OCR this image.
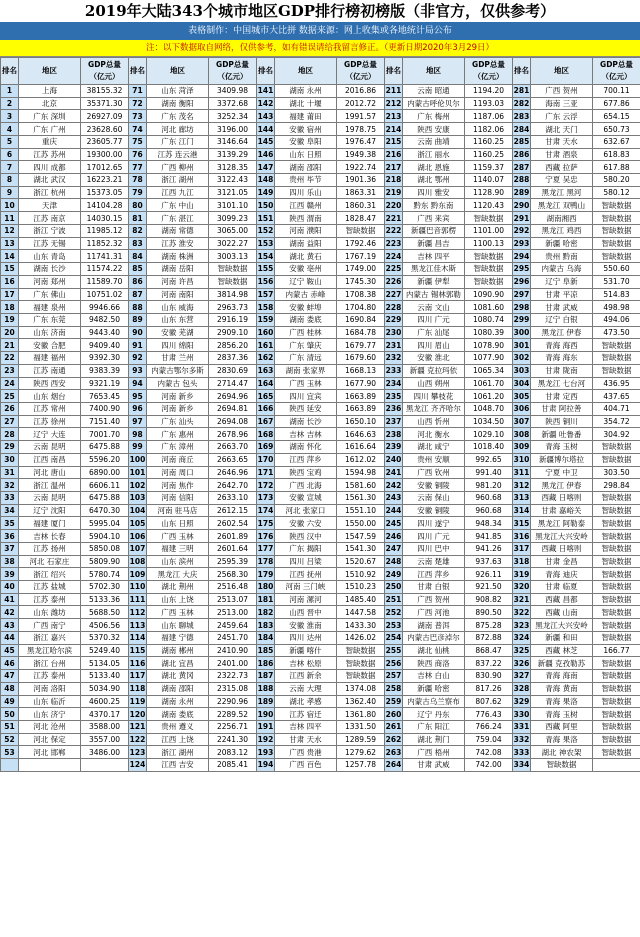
2019年大陆343个城市地区GDP排行榜初榜版（非官方，仅供参考）
表格制作：中国城市大比拼 数据来源：网上收集或各地统计局公布
注：以下数据取自网络，仅供参考，如有错误请给我留言修正。（更新日期2020年3月29日）
排名	地区	GDP总量（亿元）	排名	地区	GDP总量（亿元）	排名	地区	GDP总量（亿元）	排名	地区	GDP总量（亿元）	排名	地区	GDP总量（亿元）
1	上海	38155.32	71	山东 菏泽	3409.98	141	湖南 永州	2016.86	211	云南 昭通	1194.20	281	广西 贺州	700.11
2	北京	35371.30	72	湖南 衡阳	3372.68	142	湖北 十堰	2012.72	212	内蒙古呼伦贝尔	1193.03	282	海南 三亚	677.86
3	广东 深圳	26927.09	73	广东 茂名	3252.34	143	福建 莆田	1991.57	213	广东 梅州	1187.06	283	广东 云浮	654.15
4	广东 广州	23628.60	74	河北 廊坊	3196.00	144	安徽 宿州	1978.75	214	陕西 安康	1182.06	284	湖北 天门	650.73
5	重庆	23605.77	75	广东 江门	3146.64	145	安徽 阜阳	1976.47	215	云南 曲靖	1160.25	285	甘肃 天水	632.67
6	江苏 苏州	19300.00	76	江苏 连云港	3139.29	146	山东 日照	1949.38	216	浙江 丽水	1160.25	286	甘肃 酒泉	618.83
7	四川 成都	17012.65	77	广西 柳州	3128.35	147	湖南 邵阳	1922.74	217	湖北 恩施	1159.37	287	西藏 拉萨	617.88
8	湖北 武汉	16223.21	78	浙江 湖州	3122.43	148	贵州 毕节	1901.36	218	湖北 鄂州	1140.07	288	宁夏 吴忠	580.20
9	浙江 杭州	15373.05	79	江西 九江	3121.05	149	四川 乐山	1863.31	219	四川 雅安	1128.90	289	黑龙江 黑河	580.12
10	天津	14104.28	80	广东 中山	3101.10	150	江西 赣州	1860.31	220	黔东 黔东南	1120.43	290	黑龙江 双鸭山	智缺数据
11	江苏 南京	14030.15	81	广东 湛江	3099.23	151	陕西 渭南	1828.47	221	广西 来宾	智缺数据	291	湖南湘西	智缺数据
12	浙江 宁波	11985.12	82	湖南 常德	3065.00	152	河南 濮阳	智缺数据	222	新疆巴音郭楞	1101.00	292	黑龙江 鸡西	智缺数据
13	江苏 无锡	11852.32	83	江苏 淮安	3022.27	153	湖南 益阳	1792.46	223	新疆 昌吉	1100.13	293	新疆 哈密	智缺数据
14	山东 青岛	11741.31	84	湖南 株洲	3003.13	154	湖北 黄石	1767.19	224	吉林 四平	智缺数据	294	贵州 黔南	智缺数据
15	湖南 长沙	11574.22	85	湖南 岳阳	智缺数据	155	安徽 亳州	1749.00	225	黑龙江佳木斯	智缺数据	295	内蒙古 乌海	550.60
16	河南 郑州	11589.70	86	河南 许昌	智缺数据	156	辽宁 鞍山	1745.30	226	新疆 伊犁	智缺数据	296	辽宁 阜新	531.70
17	广东 佛山	10751.02	87	河南 南阳	3814.98	157	内蒙古 赤峰	1708.38	227	内蒙古 锡林郭勒	1090.90	297	甘肃 平凉	514.83
18	福建 泉州	9946.66	88	山东 威海	2963.73	158	安徽 蚌埠	1704.80	228	云南 文山	1081.60	298	甘肃 武威	498.98
19	广东 东莞	9482.50	89	山东 东营	2916.19	159	湖南 娄底	1690.84	229	四川 广元	1080.74	299	辽宁 白银	494.06
20	山东 济南	9443.40	90	安徽 芜湖	2909.10	160	广西 桂林	1684.78	230	广东 汕尾	1080.39	300	黑龙江 伊春	473.50
21	安徽 合肥	9409.40	91	四川 绵阳	2856.20	161	广东 肇庆	1679.77	231	四川 眉山	1078.90	301	青海 海西	智缺数据
22	福建 福州	9392.30	92	甘肃 兰州	2837.36	162	广东 清远	1679.60	232	安徽 淮北	1077.90	302	青海 海东	智缺数据
23	江苏 南通	9383.39	93	内蒙古鄂尔多斯	2830.69	163	湖南 张家界	1668.13	233	新疆 克拉玛依	1065.34	303	甘肃 陇南	智缺数据
24	陕西 西安	9321.19	94	内蒙古 包头	2714.47	164	广西 玉林	1677.90	234	山西 朔州	1061.70	304	黑龙江 七台河	436.95
25	山东 烟台	7653.45	95	河南 新乡	2694.96	165	四川 宜宾	1663.89	235	四川 攀枝花	1061.20	305	甘肃 定西	437.65
26	江苏 常州	7400.90	96	河南 新乡	2694.81	166	陕西 延安	1663.89	236	黑龙江 齐齐哈尔	1048.70	306	甘肃 阿拉善	404.71
27	江苏 徐州	7151.40	97	广东 汕头	2694.08	167	湖南 长沙	1650.10	237	山西 忻州	1034.50	307	陕西 铜川	354.72
28	辽宁 大连	7001.70	98	广东 惠州	2678.96	168	吉林 吉林	1646.63	238	河北 衡水	1029.10	308	新疆 吐鲁番	304.92
29	云南 昆明	6475.88	99	广东 漳州	2663.70	169	湖南 怀化	1616.64	239	湖北 咸宁	1018.40	309	青海 玉树	智缺数据
30	江西 南昌	5596.20	100	河南 商丘	2663.65	170	江西 萍乡	1612.02	240	贵州 安顺	992.65	310	新疆博尔塔拉	智缺数据
31	河北 唐山	6890.00	101	河南 周口	2646.96	171	陕西 宝鸡	1594.98	241	广西 钦州	991.40	311	宁夏 中卫	303.50
32	浙江 温州	6606.11	102	河南 焦作	2642.70	172	广西 北海	1581.60	242	安徽 铜陵	981.20	312	黑龙江 伊春	298.84
33	云南 昆明	6475.88	103	河南 信阳	2633.10	173	安徽 宣城	1561.30	243	云南 保山	960.68	313	西藏 日喀则	智缺数据
34	辽宁 沈阳	6470.30	104	河南 驻马店	2612.15	174	河北 张家口	1551.10	244	安徽 铜陵	960.68	314	甘肃 嘉峪关	智缺数据
35	福建 厦门	5995.04	105	山东 日照	2602.54	175	安徽 六安	1550.00	245	四川 遂宁	948.34	315	黑龙江 阿勒泰	智缺数据
36	吉林 长春	5904.10	106	广西 玉林	2601.89	176	陕西 汉中	1547.59	246	四川 广元	941.85	316	黑龙江大兴安岭	智缺数据
37	江苏 扬州	5850.08	107	福建 三明	2601.64	177	广东 揭阳	1541.30	247	四川 巴中	941.26	317	西藏 日喀则	智缺数据
38	河北 石家庄	5809.90	108	山东 滨州	2595.39	178	四川 吕梁	1520.67	248	云南 楚雄	937.63	318	甘肃 金昌	智缺数据
39	浙江 绍兴	5780.74	109	黑龙江 大庆	2568.30	179	江西 抚州	1510.92	249	江西 萍乡	926.11	319	青海 迪庆	智缺数据
40	江苏 盐城	5702.30	110	湖北 荆州	2516.48	180	河南 三门峡	1510.23	250	甘肃 白银	921.50	320	甘肃 临夏	智缺数据
41	江苏 泰州	5133.36	111	山东 上饶	2513.07	181	河南 漯河	1485.40	251	广西 贺州	908.82	321	西藏 昌都	智缺数据
42	山东 潍坊	5688.50	112	广西 玉林	2513.00	182	山西 晋中	1447.58	252	广西 河池	890.50	322	西藏 山南	智缺数据
43	广西 南宁	4506.56	113	山东 聊城	2459.64	183	安徽 淮南	1433.30	253	湖南 普洱	875.28	323	黑龙江大兴安岭	智缺数据
44	浙江 嘉兴	5370.32	114	福建 宁德	2451.70	184	四川 达州	1426.02	254	内蒙古巴彦淖尔	872.88	324	新疆 和田	智缺数据
45	黑龙江哈尔滨	5249.40	115	湖南 郴州	2410.90	185	新疆 喀什	智缺数据	255	湖北 仙桃	868.47	325	西藏 林芝	166.77
46	浙江 台州	5134.05	116	湖北 宜昌	2401.00	186	吉林 松原	智缺数据	256	陕西 商洛	837.22	326	新疆 克孜勒苏	智缺数据
47	江苏 泰州	5133.40	117	湖北 黄冈	2322.73	187	江西 新余	智缺数据	257	吉林 白山	830.90	327	青海 海南	智缺数据
48	河南 洛阳	5034.90	118	湖南 邵阳	2315.08	188	云南 大理	1374.08	258	新疆 哈密	817.26	328	青海 黄南	智缺数据
49	山东 临沂	4600.25	119	湖南 永州	2290.96	189	湖北 孝感	1362.40	259	内蒙古乌兰察布	807.62	329	青海 果洛	智缺数据
50	山东 济宁	4370.17	120	湖南 娄底	2289.52	190	江苏 宿迁	1361.80	260	辽宁 丹东	776.43	330	青海 玉树	智缺数据
51	河北 沧州	3588.00	121	贵州 遵义	2256.71	191	吉林 四平	1331.50	261	广东 阳江	766.24	331	西藏 阿里	智缺数据
52	河北 保定	3557.00	122	江西 上饶	2241.30	192	甘肃 天水	1289.59	262	湖北 荆门	759.04	332	青海 果洛	智缺数据
53	河北 邯郸	3486.00	123	浙江 湖州	2083.12	193	广西 贵港	1279.62	263	广西 梧州	742.08	333	湖北 神农架	智缺数据
			124	江西 吉安	2085.41	194	广西 百色	1257.78	264	甘肃 武威	742.00	334	智缺数据	
